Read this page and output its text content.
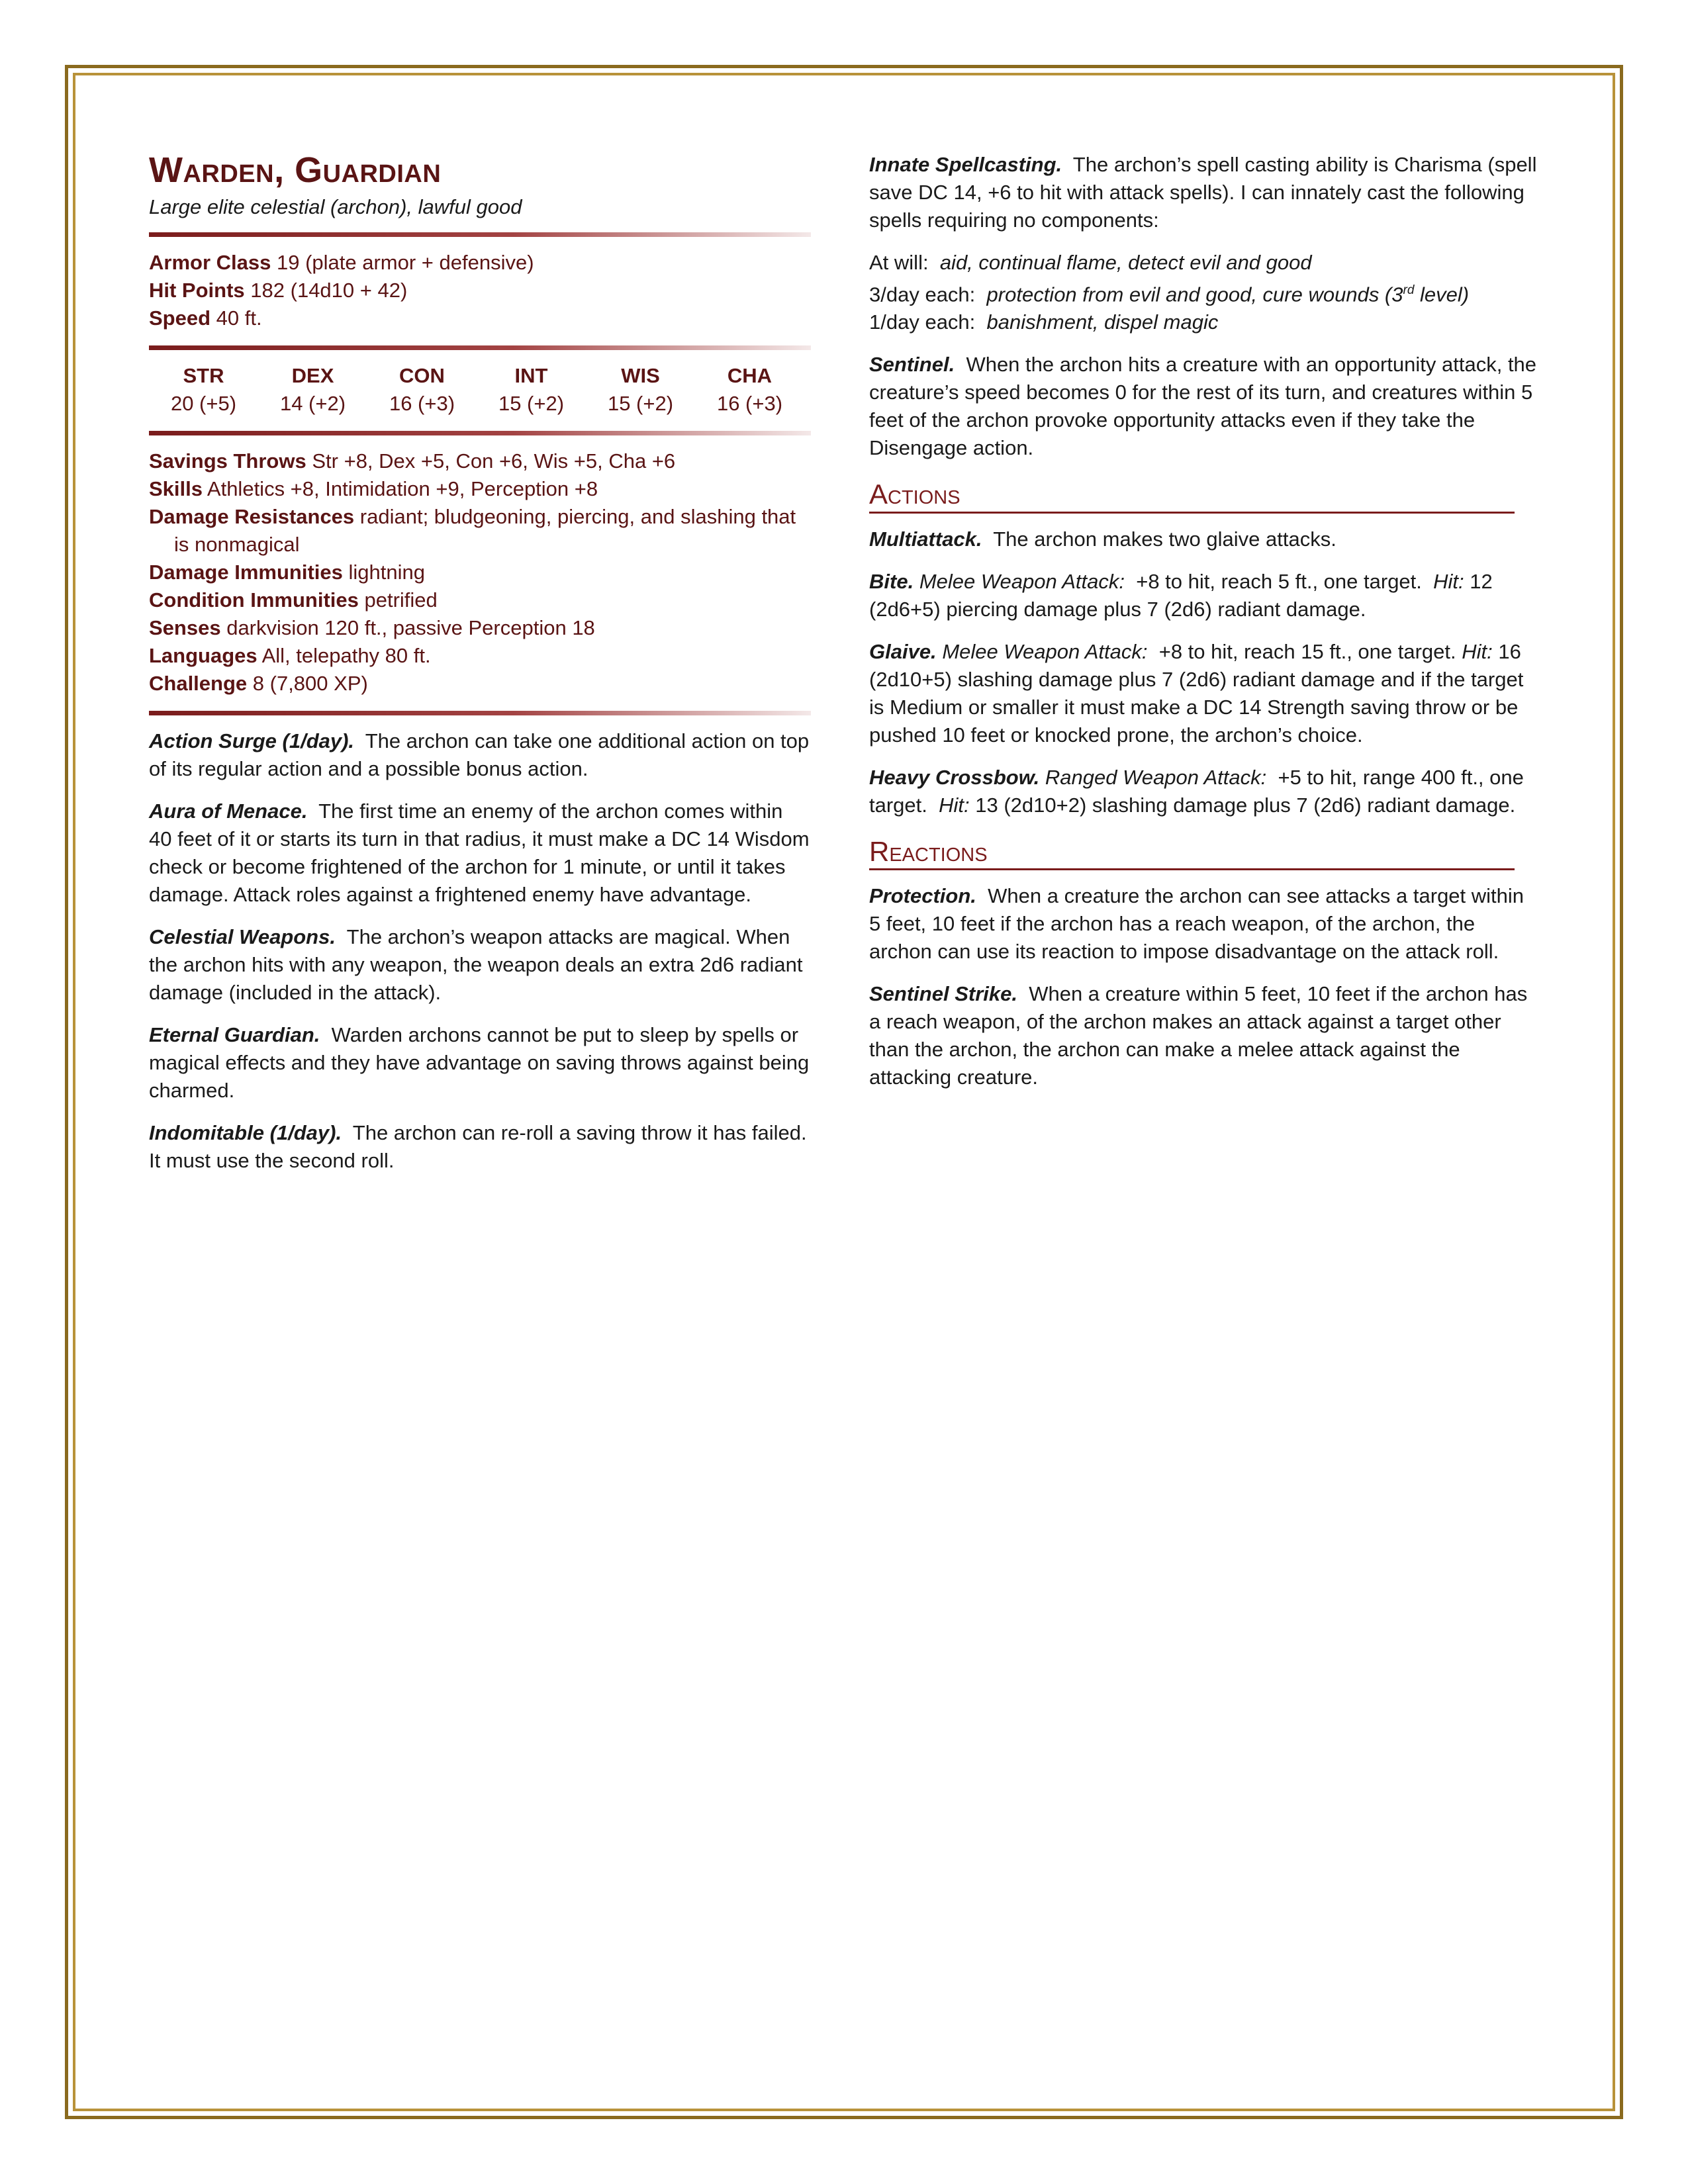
Warden, Guardian

Large elite celestial (archon), lawful good

Armor Class 19 (plate armor + defensive)
Hit Points 182 (14d10 + 42)
Speed 40 ft.
STR
20 (+5)
DEX
14 (+2)
CON
16 (+3)
INT
15 (+2)
WIS
15 (+2)
CHA
16 (+3)
Savings Throws Str +8, Dex +5, Con +6, Wis +5, Cha +6
Skills Athletics +8, Intimidation +9, Perception +8
Damage Resistances radiant; bludgeoning, piercing, and slashing that is nonmagical
Damage Immunities lightning
Condition Immunities petrified
Senses darkvision 120 ft., passive Perception 18
Languages All, telepathy 80 ft.
Challenge 8 (7,800 XP)

Action Surge (1/day). The archon can take one additional action on top of its regular action and a possible bonus action.

Aura of Menace. The first time an enemy of the archon comes within 40 feet of it or starts its turn in that radius, it must make a DC 14 Wisdom check or become frightened of the archon for 1 minute, or until it takes damage. Attack roles against a frightened enemy have advantage.

Celestial Weapons. The archon’s weapon attacks are magical. When the archon hits with any weapon, the weapon deals an extra 2d6 radiant damage (included in the attack).

Eternal Guardian. Warden archons cannot be put to sleep by spells or magical effects and they have advantage on saving throws against being charmed.

Indomitable (1/day). The archon can re-roll a saving throw it has failed. It must use the second roll.

Innate Spellcasting. The archon’s spell casting ability is Charisma (spell save DC 14, +6 to hit with attack spells). I can innately cast the following spells requiring no components:

At will: aid, continual flame, detect evil and good
3/day each: protection from evil and good, cure wounds (3rd level)
1/day each: banishment, dispel magic

Sentinel. When the archon hits a creature with an opportunity attack, the creature’s speed becomes 0 for the rest of its turn, and creatures within 5 feet of the archon provoke opportunity attacks even if they take the Disengage action.

Actions

Multiattack. The archon makes two glaive attacks.

Bite. Melee Weapon Attack: +8 to hit, reach 5 ft., one target. Hit: 12 (2d6+5) piercing damage plus 7 (2d6) radiant damage.

Glaive. Melee Weapon Attack: +8 to hit, reach 15 ft., one target. Hit: 16 (2d10+5) slashing damage plus 7 (2d6) radiant damage and if the target is Medium or smaller it must make a DC 14 Strength saving throw or be pushed 10 feet or knocked prone, the archon’s choice.

Heavy Crossbow. Ranged Weapon Attack: +5 to hit, range 400 ft., one target. Hit: 13 (2d10+2) slashing damage plus 7 (2d6) radiant damage.

Reactions

Protection. When a creature the archon can see attacks a target within 5 feet, 10 feet if the archon has a reach weapon, of the archon, the archon can use its reaction to impose disadvantage on the attack roll.

Sentinel Strike. When a creature within 5 feet, 10 feet if the archon has a reach weapon, of the archon makes an attack against a target other than the archon, the archon can make a melee attack against the attacking creature.
